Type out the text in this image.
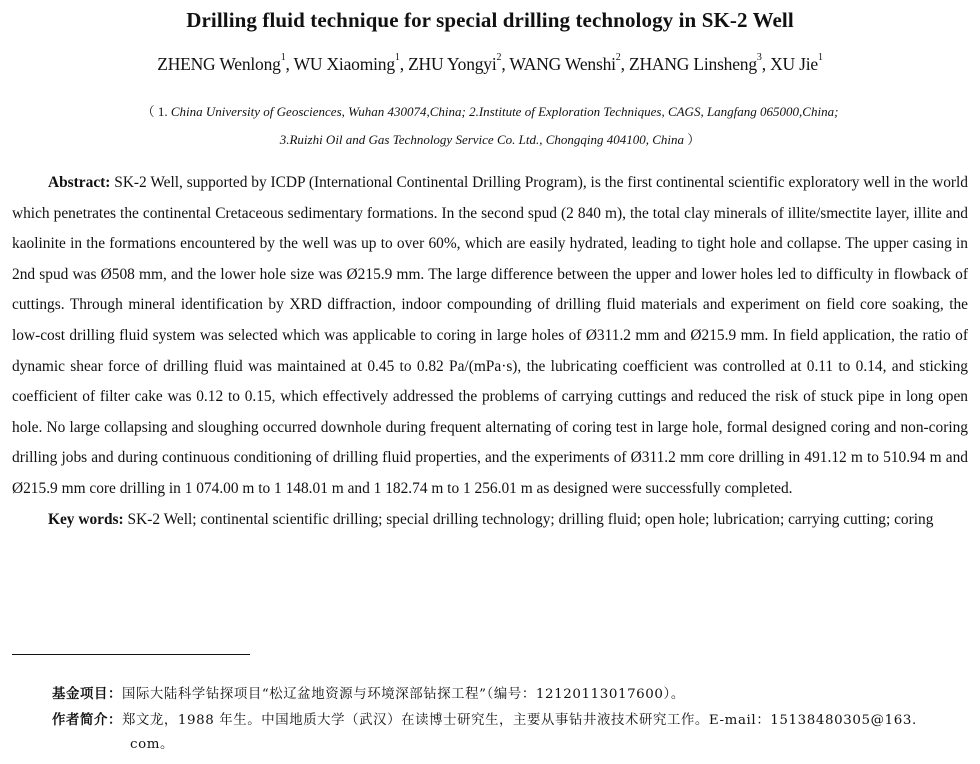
Drilling fluid technique for special drilling technology in SK-2 Well
ZHENG Wenlong$^1$, WU Xiaoming$^1$, ZHU Yongyi$^2$, WANG Wenshi$^2$, ZHANG Linsheng$^3$, XU Jie$^1$
（ 1. China University of Geosciences, Wuhan 430074,China; 2.Institute of Exploration Techniques, CAGS, Langfang 065000,China;
3.Ruizhi Oil and Gas Technology Service Co. Ltd., Chongqing 404100, China ）

Abstract: SK-2 Well, supported by ICDP (International Continental Drilling Program), is the first continental scientific exploratory well in the world which penetrates the continental Cretaceous sedimentary formations. In the second spud (2 840 m), the total clay minerals of illite/smectite layer, illite and kaolinite in the formations encountered by the well was up to over 60%, which are easily hydrated, leading to tight hole and collapse. The upper casing in 2nd spud was Ø508 mm, and the lower hole size was Ø215.9 mm. The large difference between the upper and lower holes led to difficulty in flowback of cuttings. Through mineral identification by XRD diffraction, indoor compounding of drilling fluid materials and experiment on field core soaking, the low-cost drilling fluid system was selected which was applicable to coring in large holes of Ø311.2 mm and Ø215.9 mm. In field application, the ratio of dynamic shear force of drilling fluid was maintained at 0.45 to 0.82 Pa/(mPa·s), the lubricating coefficient was controlled at 0.11 to 0.14, and sticking coefficient of filter cake was 0.12 to 0.15, which effectively addressed the problems of carrying cuttings and reduced the risk of stuck pipe in long open hole. No large collapsing and sloughing occurred downhole during frequent alternating of coring test in large hole, formal designed coring and non-coring drilling jobs and during continuous conditioning of drilling fluid properties, and the experiments of Ø311.2 mm core drilling in 491.12 m to 510.94 m and Ø215.9 mm core drilling in 1 074.00 m to 1 148.01 m and 1 182.74 m to 1 256.01 m as designed were successfully completed.

Key words: SK-2 Well; continental scientific drilling; special drilling technology; drilling fluid; open hole; lubrication; carrying cutting; coring

基金项目：国际大陆科学钻探项目“松辽盆地资源与环境深部钻探工程”（编号：12120113017600）。
作者简介：郑文龙，1988 年生。中国地质大学（武汉）在读博士研究生，主要从事钻井液技术研究工作。E-mail：15138480305@163.
com。
